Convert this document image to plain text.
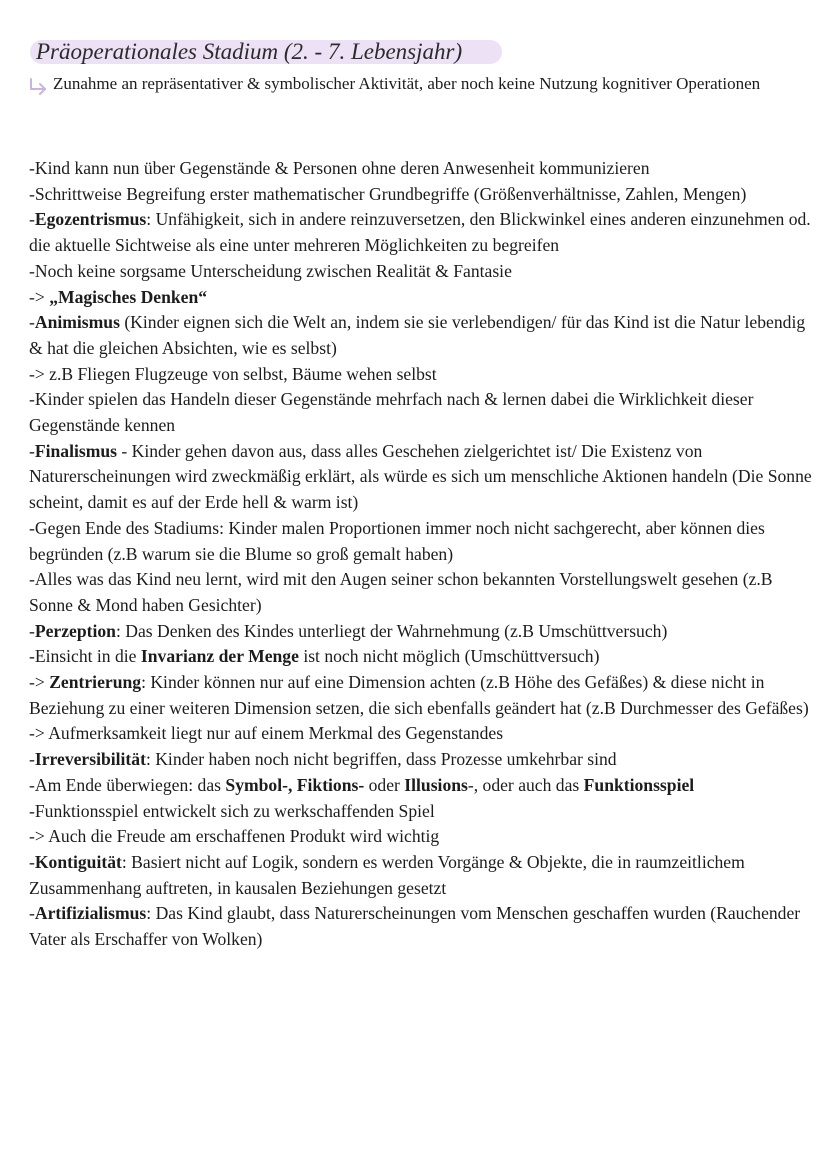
Präoperationales Stadium (2. - 7. Lebensjahr)
Zunahme an repräsentativer & symbolischer Aktivität, aber noch keine Nutzung kognitiver Operationen

-Kind kann nun über Gegenstände & Personen ohne deren Anwesenheit kommunizieren

-Schrittweise Begreifung erster mathematischer Grundbegriffe (Größenverhältnisse, Zahlen, Mengen)

-Egozentrismus: Unfähigkeit, sich in andere reinzuversetzen, den Blickwinkel eines anderen einzunehmen od. die aktuelle Sichtweise als eine unter mehreren Möglichkeiten zu begreifen

-Noch keine sorgsame Unterscheidung zwischen Realität & Fantasie

-> „Magisches Denken“

-Animismus (Kinder eignen sich die Welt an, indem sie sie verlebendigen/ für das Kind ist die Natur lebendig & hat die gleichen Absichten, wie es selbst)

-> z.B Fliegen Flugzeuge von selbst, Bäume wehen selbst

-Kinder spielen das Handeln dieser Gegenstände mehrfach nach & lernen dabei die Wirklichkeit dieser Gegenstände kennen

-Finalismus - Kinder gehen davon aus, dass alles Geschehen zielgerichtet ist/ Die Existenz von Naturerscheinungen wird zweckmäßig erklärt, als würde es sich um menschliche Aktionen handeln (Die Sonne scheint, damit es auf der Erde hell & warm ist)

-Gegen Ende des Stadiums: Kinder malen Proportionen immer noch nicht sachgerecht, aber können dies begründen (z.B warum sie die Blume so groß gemalt haben)

-Alles was das Kind neu lernt, wird mit den Augen seiner schon bekannten Vorstellungswelt gesehen (z.B Sonne & Mond haben Gesichter)

-Perzeption: Das Denken des Kindes unterliegt der Wahrnehmung (z.B Umschüttversuch)

-Einsicht in die Invarianz der Menge ist noch nicht möglich (Umschüttversuch)

-> Zentrierung: Kinder können nur auf eine Dimension achten (z.B Höhe des Gefäßes) & diese nicht in Beziehung zu einer weiteren Dimension setzen, die sich ebenfalls geändert hat (z.B Durchmesser des Gefäßes)

-> Aufmerksamkeit liegt nur auf einem Merkmal des Gegenstandes

-Irreversibilität: Kinder haben noch nicht begriffen, dass Prozesse umkehrbar sind

-Am Ende überwiegen: das Symbol-, Fiktions- oder Illusions-, oder auch das Funktionsspiel

-Funktionsspiel entwickelt sich zu werkschaffenden Spiel

-> Auch die Freude am erschaffenen Produkt wird wichtig

-Kontiguität: Basiert nicht auf Logik, sondern es werden Vorgänge & Objekte, die in raumzeitlichem Zusammenhang auftreten, in kausalen Beziehungen gesetzt

-Artifizialismus: Das Kind glaubt, dass Naturerscheinungen vom Menschen geschaffen wurden (Rauchender Vater als Erschaffer von Wolken)
